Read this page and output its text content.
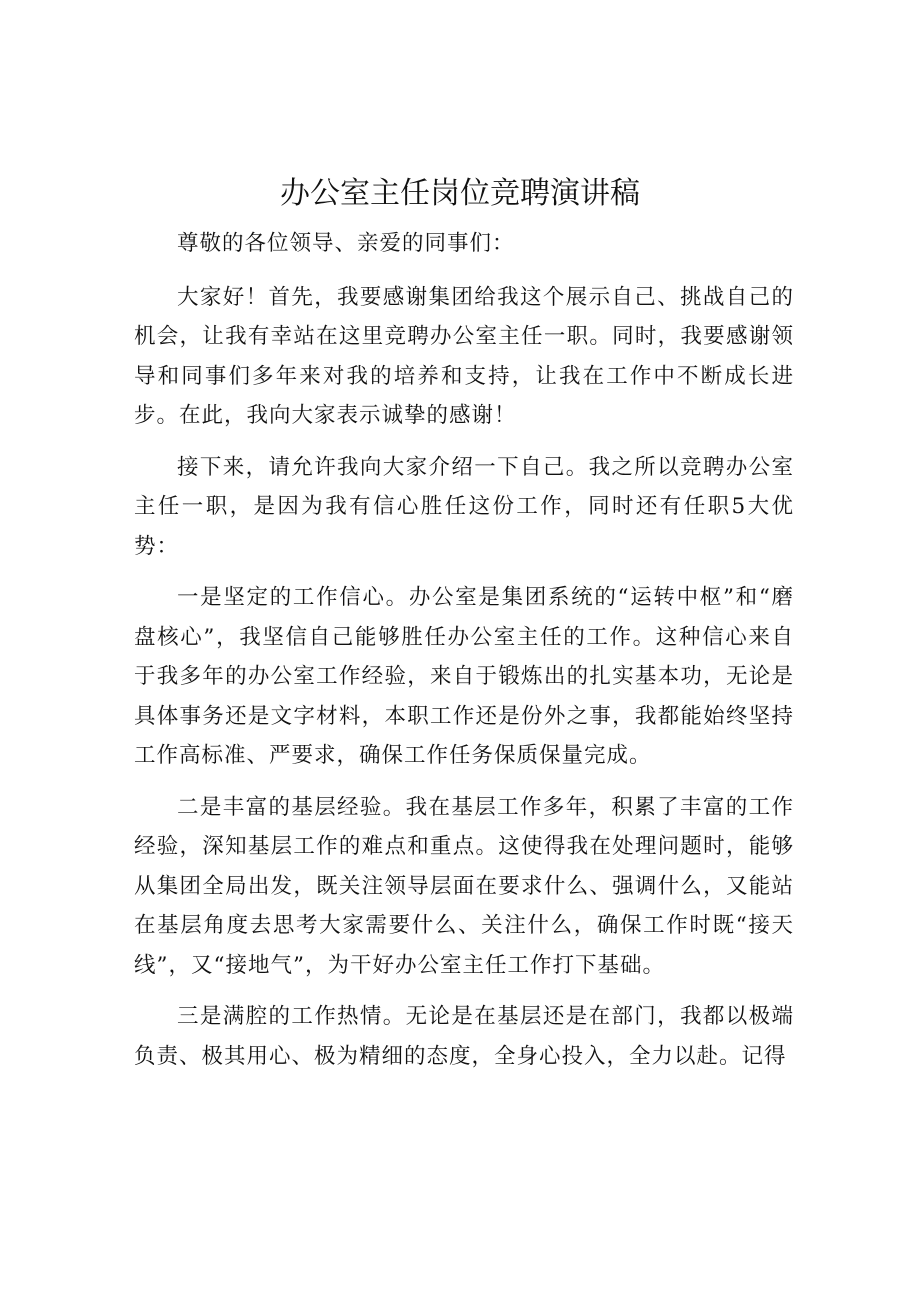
办公室主任岗位竞聘演讲稿

尊敬的各位领导、亲爱的同事们：

大家好！首先，我要感谢集团给我这个展示自己、挑战自己的机会，让我有幸站在这里竞聘办公室主任一职。同时，我要感谢领导和同事们多年来对我的培养和支持，让我在工作中不断成长进步。在此，我向大家表示诚挚的感谢！

接下来，请允许我向大家介绍一下自己。我之所以竞聘办公室主任一职，是因为我有信心胜任这份工作，同时还有任职5大优势：

一是坚定的工作信心。办公室是集团系统的“运转中枢”和“磨盘核心”，我坚信自己能够胜任办公室主任的工作。这种信心来自于我多年的办公室工作经验，来自于锻炼出的扎实基本功，无论是具体事务还是文字材料，本职工作还是份外之事，我都能始终坚持工作高标准、严要求，确保工作任务保质保量完成。

二是丰富的基层经验。我在基层工作多年，积累了丰富的工作经验，深知基层工作的难点和重点。这使得我在处理问题时，能够从集团全局出发，既关注领导层面在要求什么、强调什么，又能站在基层角度去思考大家需要什么、关注什么，确保工作时既“接天线”，又“接地气”，为干好办公室主任工作打下基础。

三是满腔的工作热情。无论是在基层还是在部门，我都以极端负责、极其用心、极为精细的态度，全身心投入，全力以赴。记得
